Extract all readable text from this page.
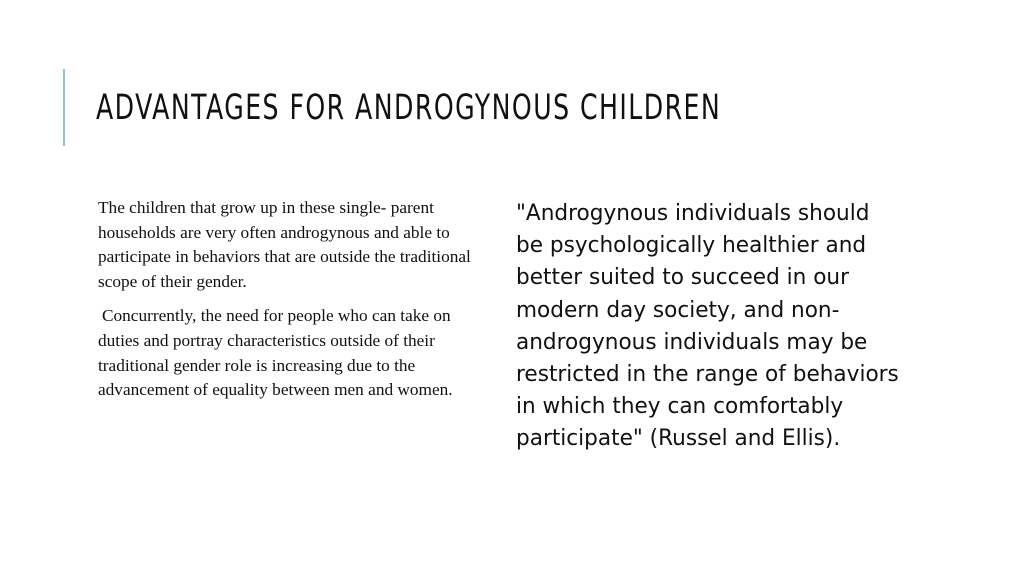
ADVANTAGES FOR ANDROGYNOUS CHILDREN

The children that grow up in these single- parent households are very often androgynous and able to participate in behaviors that are outside the traditional scope of their gender.

Concurrently, the need for people who can take on duties and portray characteristics outside of their traditional gender role is increasing due to the advancement of equality between men and women.

"Androgynous individuals should be psychologically healthier and better suited to succeed in our modern day society, and non-androgynous individuals may be restricted in the range of behaviors in which they can comfortably participate" (Russel and Ellis).
